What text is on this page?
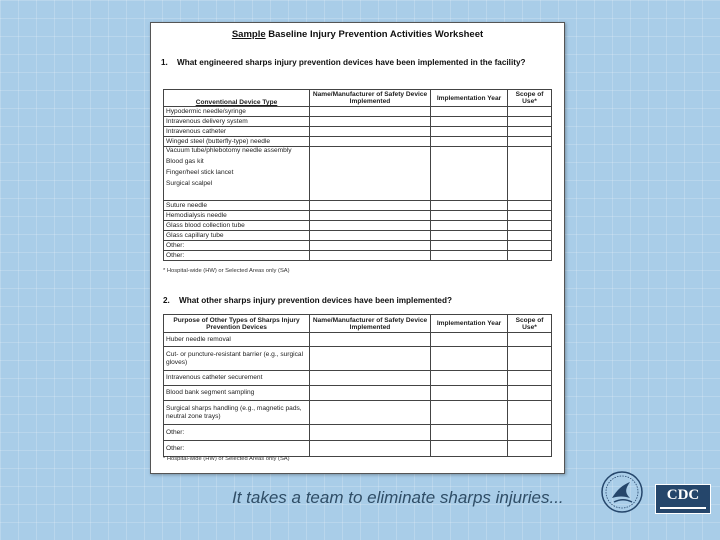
Sample Baseline Injury Prevention Activities Worksheet
1. What engineered sharps injury prevention devices have been implemented in the facility?
Conventional Device Type	Name/Manufacturer of Safety Device Implemented	Implementation Year	Scope of Use*
Hypodermic needle/syringe			
Intravenous delivery system			
Intravenous catheter			
Winged steel (butterfly-type) needle			

Vacuum tube/phlebotomy needle assembly
Blood gas kit
Finger/heel stick lancet
Surgical scalpel			

Suture needle			
Hemodialysis needle			
Glass blood collection tube			
Glass capillary tube			
Other:			
Other:			
* Hospital-wide (HW) or Selected Areas only (SA)
2. What other sharps injury prevention devices have been implemented?
Purpose of Other Types of Sharps Injury Prevention Devices	Name/Manufacturer of Safety Device Implemented	Implementation Year	Scope of Use*
Huber needle removal			
Cut- or puncture-resistant barrier (e.g., surgical gloves)			
Intravenous catheter securement			
Blood bank segment sampling			
Surgical sharps handling (e.g., magnetic pads, neutral zone trays)			
Other:			
Other:			
* Hospital-wide (HW) or Selected Areas only (SA)
It takes a team to eliminate sharps injuries...	CDC
